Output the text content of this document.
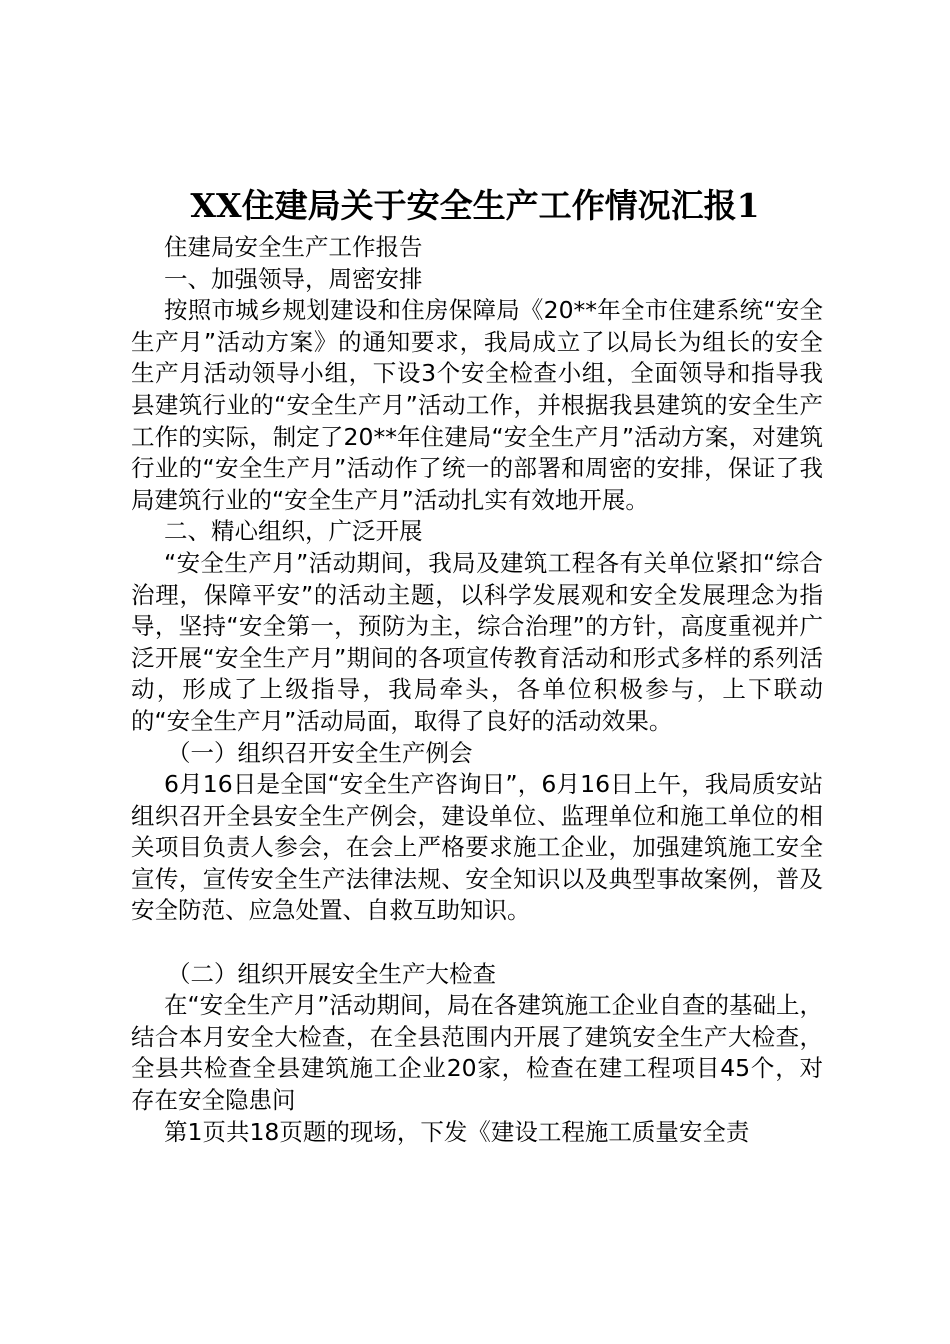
XX住建局关于安全生产工作情况汇报1

住建局安全生产工作报告

一、加强领导，周密安排

按照市城乡规划建设和住房保障局《20**年全市住建系统“安全生产月”活动方案》的通知要求，我局成立了以局长为组长的安全生产月活动领导小组，下设3个安全检查小组，全面领导和指导我县建筑行业的“安全生产月”活动工作，并根据我县建筑的安全生产工作的实际，制定了20**年住建局“安全生产月”活动方案，对建筑行业的“安全生产月”活动作了统一的部署和周密的安排，保证了我局建筑行业的“安全生产月”活动扎实有效地开展。

二、精心组织，广泛开展

“安全生产月”活动期间，我局及建筑工程各有关单位紧扣“综合治理，保障平安”的活动主题，以科学发展观和安全发展理念为指导，坚持“安全第一，预防为主，综合治理”的方针，高度重视并广泛开展“安全生产月”期间的各项宣传教育活动和形式多样的系列活动，形成了上级指导，我局牵头，各单位积极参与，上下联动的“安全生产月”活动局面，取得了良好的活动效果。

（一）组织召开安全生产例会

6月16日是全国“安全生产咨询日”，6月16日上午，我局质安站组织召开全县安全生产例会，建设单位、监理单位和施工单位的相关项目负责人参会，在会上严格要求施工企业，加强建筑施工安全宣传，宣传安全生产法律法规、安全知识以及典型事故案例，普及安全防范、应急处置、自救互助知识。

（二）组织开展安全生产大检查

在“安全生产月”活动期间，局在各建筑施工企业自查的基础上，结合本月安全大检查，在全县范围内开展了建筑安全生产大检查，全县共检查全县建筑施工企业20家，检查在建工程项目45个，对存在安全隐患问

第1页共18页题的现场，下发《建设工程施工质量安全责
